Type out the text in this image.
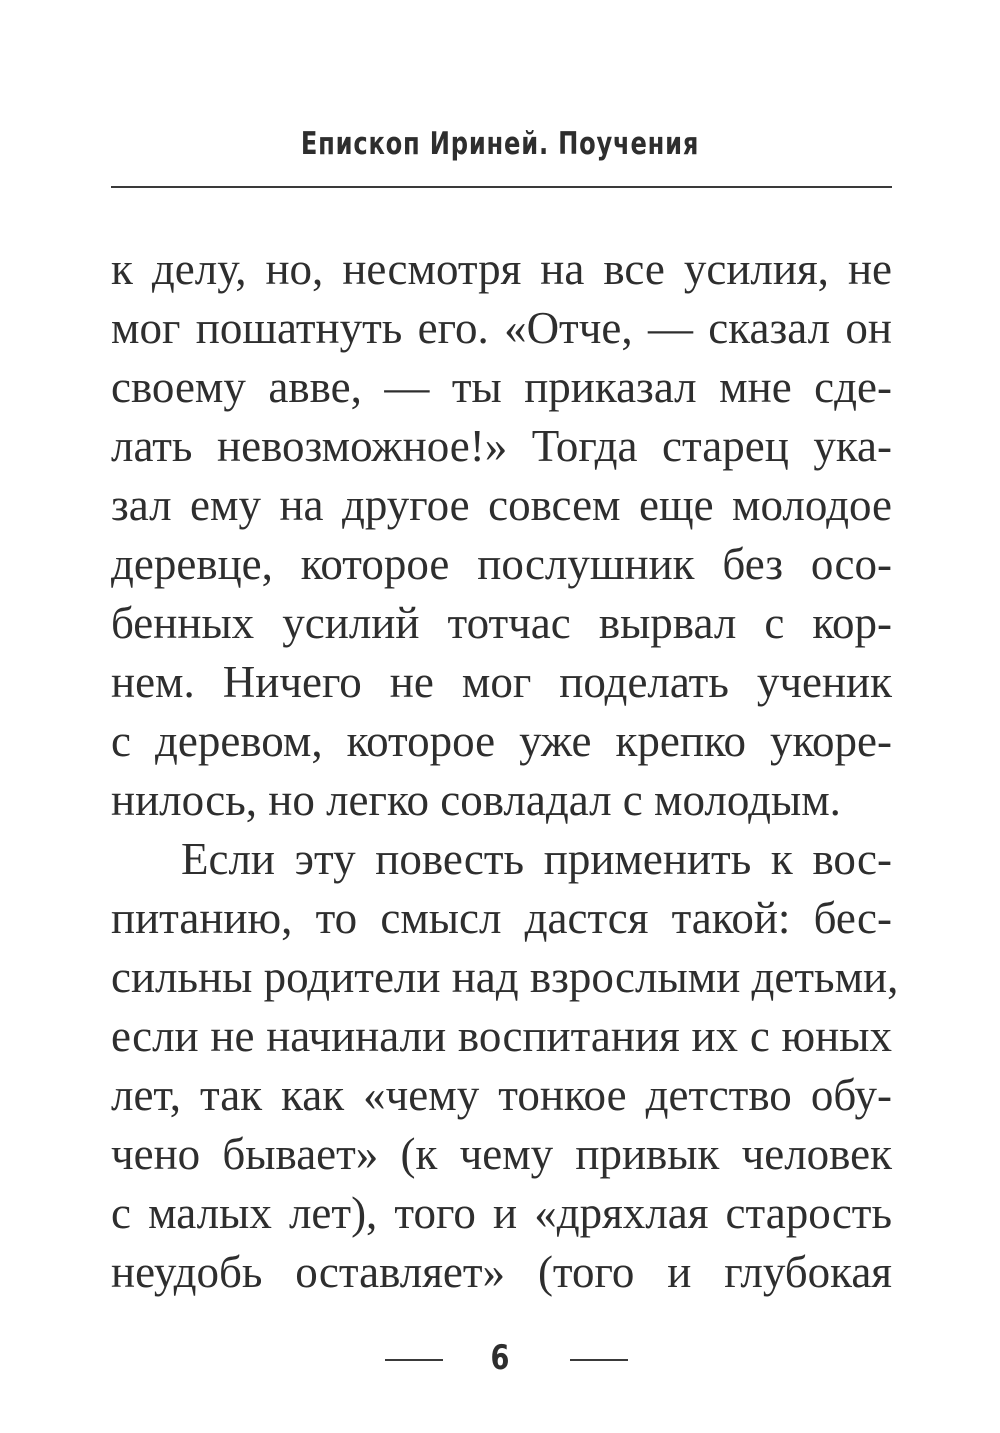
Епископ Ириней. Поучения
к делу, но, несмотря на все усилия, не
мог пошатнуть его. «Отче, — сказал он
своему авве, — ты приказал мне сде-
лать невозможное!» Тогда старец ука-
зал ему на другое совсем еще молодое
деревце, которое послушник без осо-
бенных усилий тотчас вырвал с кор-
нем. Ничего не мог поделать ученик
с деревом, которое уже крепко укоре-
нилось, но легко совладал с молодым.
Если эту повесть применить к вос-
питанию, то смысл дастся такой: бес-
сильны родители над взрослыми детьми,
если не начинали воспитания их с юных
лет, так как «чему тонкое детство обу-
чено бывает» (к чему привык человек
с малых лет), того и «дряхлая старость
неудобь оставляет» (того и глубокая
6
